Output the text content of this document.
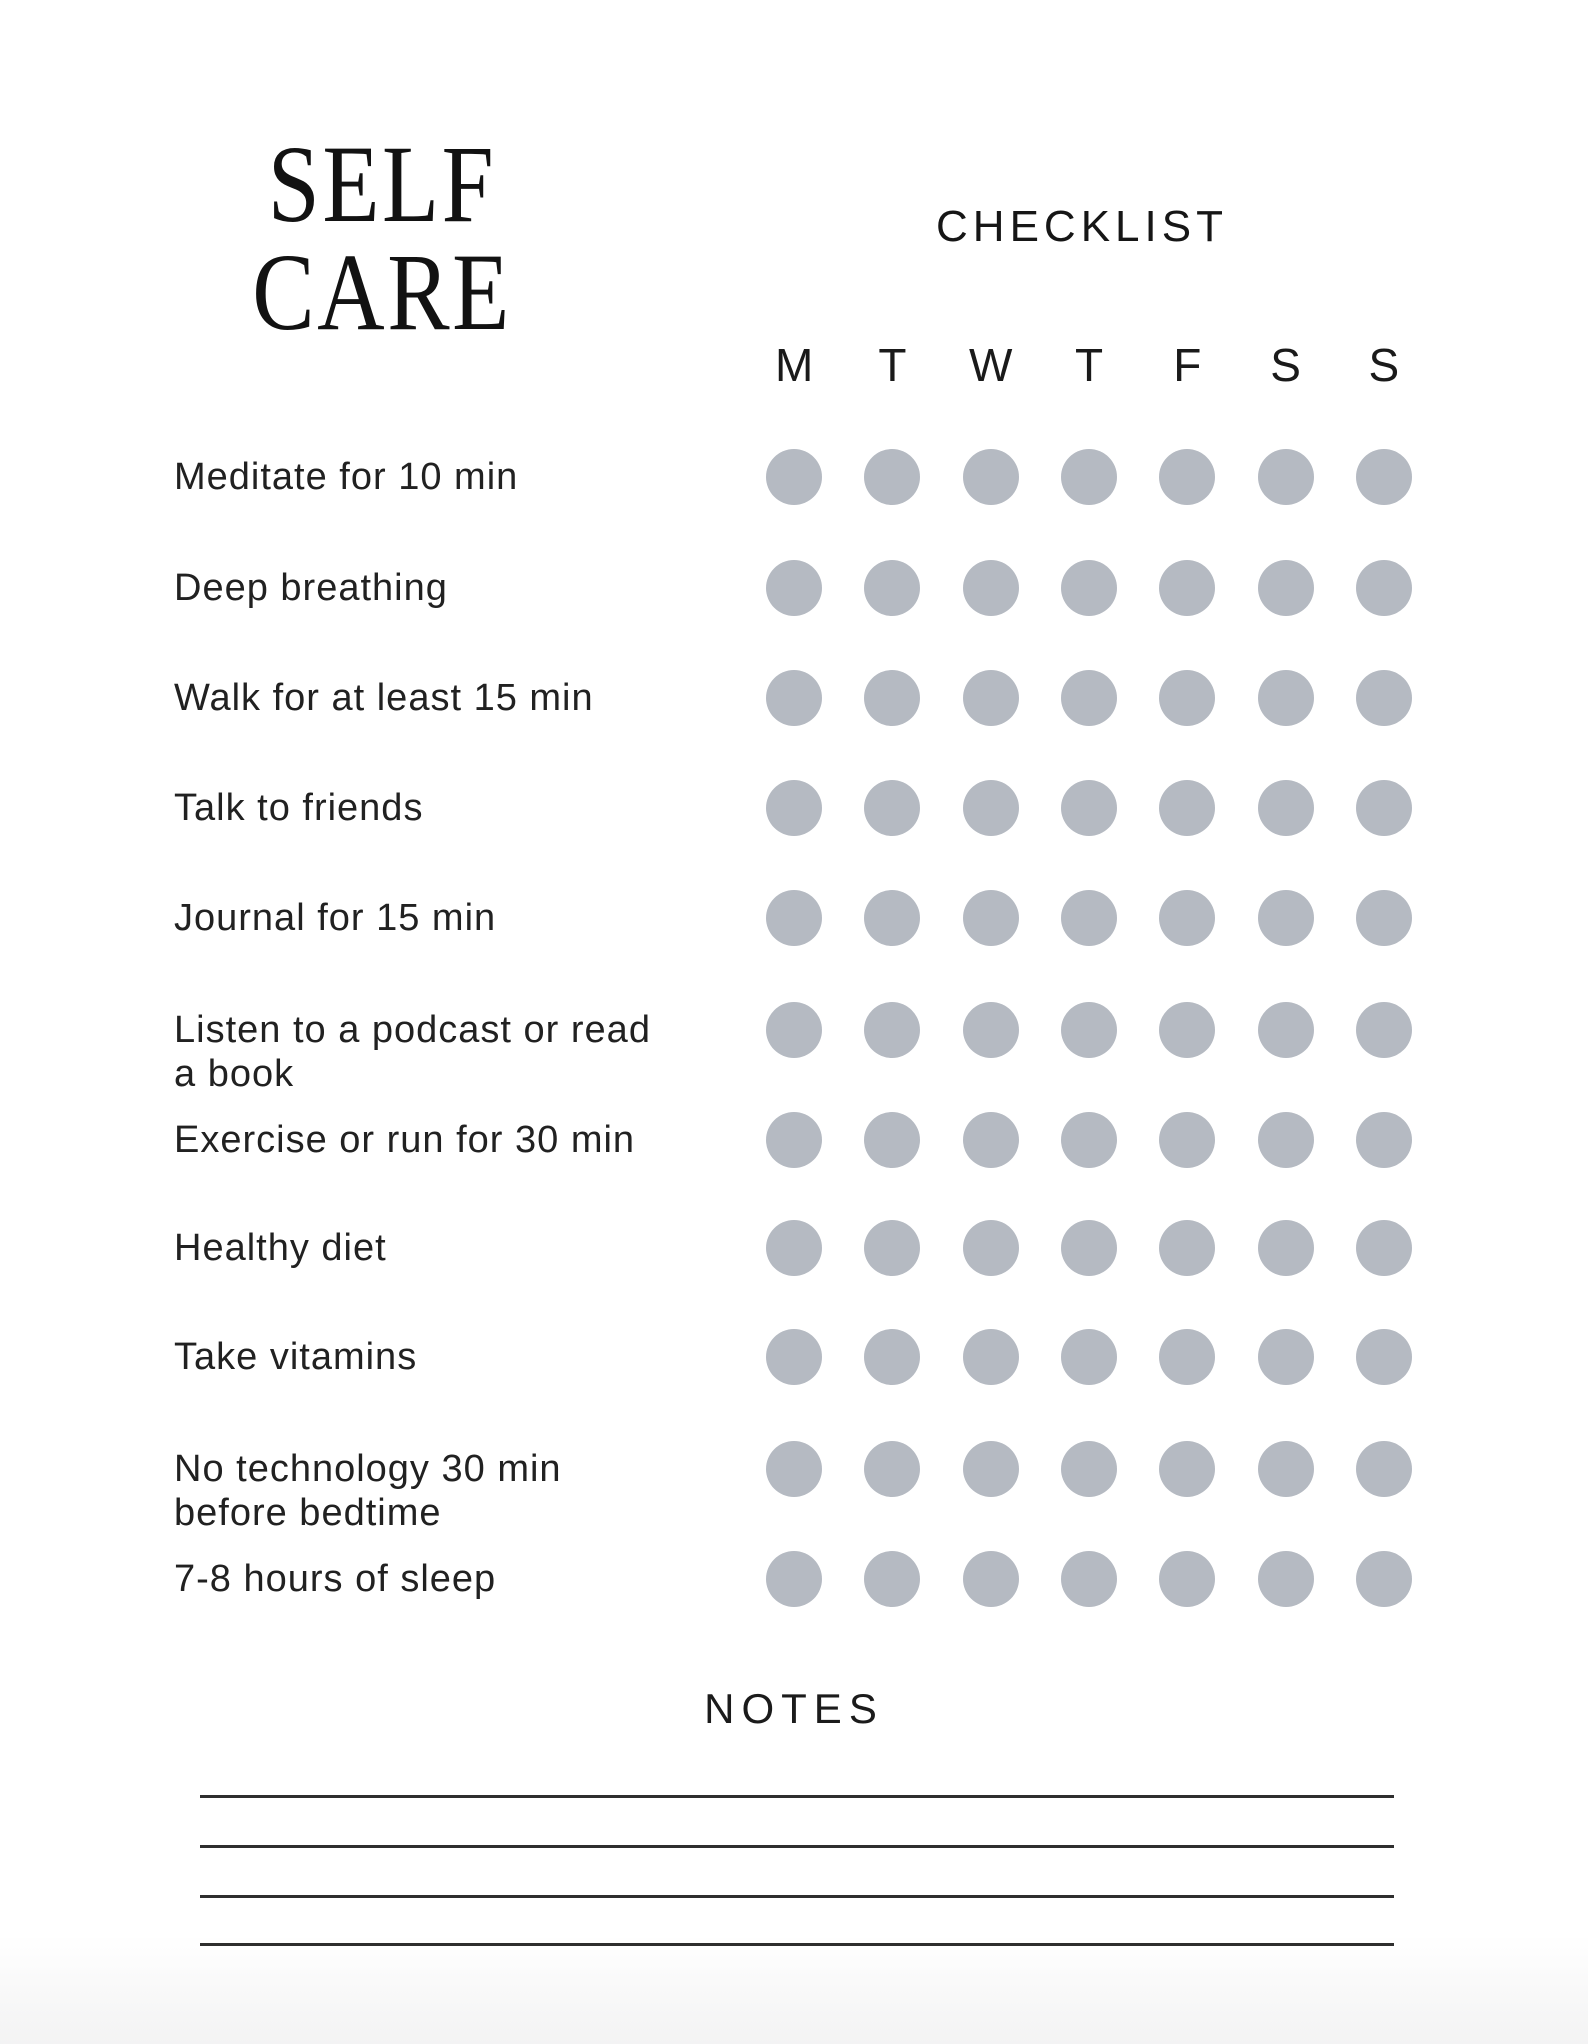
SELF
CARE
CHECKLIST
M	T	W	T	F	S	S
Meditate for 10 min
Deep breathing
Walk for at least 15 min
Talk to friends
Journal for 15 min
Listen to a podcast or read
a book
Exercise or run for 30 min
Healthy diet
Take vitamins
No technology 30 min
before bedtime
7-8 hours of sleep
NOTES
